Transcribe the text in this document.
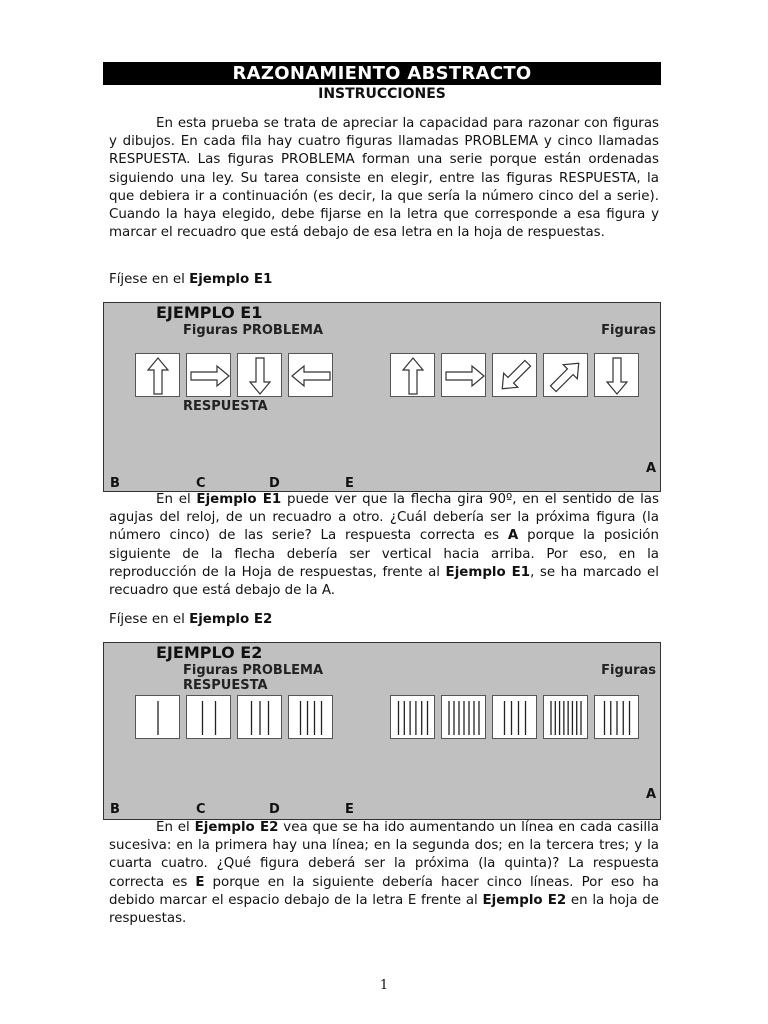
RAZONAMIENTO ABSTRACTO
INSTRUCCIONES

En esta prueba se trata de apreciar la capacidad para razonar con figuras y dibujos. En cada fila hay cuatro figuras llamadas PROBLEMA y cinco llamadas RESPUESTA. Las figuras PROBLEMA forman una serie porque están ordenadas siguiendo una ley. Su tarea consiste en elegir, entre las figuras RESPUESTA, la que debiera ir a continuación (es decir, la que sería la número cinco del a serie). Cuando la haya elegido, debe fijarse en la letra que corresponde a esa figura y marcar el recuadro que está debajo de esa letra en la hoja de respuestas.

Fíjese en el Ejemplo E1
EJEMPLO E1
Figuras PROBLEMA	Figuras
RESPUESTA
A
B	C	D	E

En el Ejemplo E1 puede ver que la flecha gira 90º, en el sentido de las agujas del reloj, de un recuadro a otro. ¿Cuál debería ser la próxima figura (la número cinco) de las serie? La respuesta correcta es A porque la posición siguiente de la flecha debería ser vertical hacia arriba. Por eso, en la reproducción de la Hoja de respuestas, frente al Ejemplo E1, se ha marcado el recuadro que está debajo de la A.

Fíjese en el Ejemplo E2
EJEMPLO E2
Figuras PROBLEMA	Figuras
RESPUESTA
A
B	C	D	E

En el Ejemplo E2 vea que se ha ido aumentando un línea en cada casilla sucesiva: en la primera hay una línea; en la segunda dos; en la tercera tres; y la cuarta cuatro. ¿Qué figura deberá ser la próxima (la quinta)? La respuesta correcta es E porque en la siguiente debería hacer cinco líneas. Por eso ha debido marcar el espacio debajo de la letra E frente al Ejemplo E2 en la hoja de respuestas.

1
